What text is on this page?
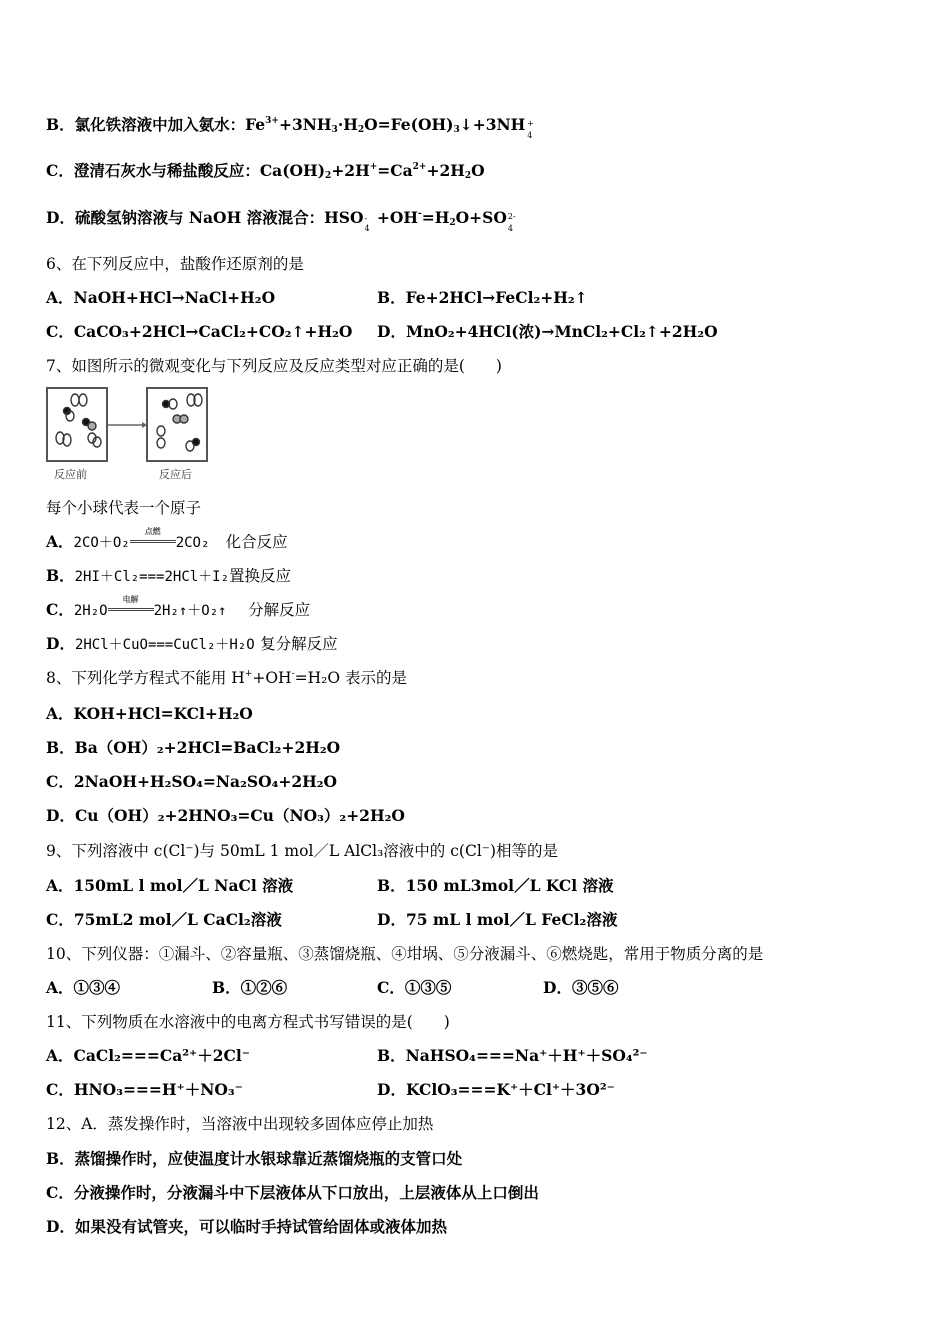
B．氯化铁溶液中加入氨水：$Fe^{3+}+3NH_3\cdot H_2O=Fe(OH)_3↓+3NH$ +
4
C．澄清石灰水与稀盐酸反应：$Ca(OH)_2+2H^+=Ca^{2+}+2H_2O$
D．硫酸氢钠溶液与 NaOH 溶液混合：HSO -
4
$+OH^-=H_2O+SO$ 2-
4
6、在下列反应中，盐酸作还原剂的是
A．NaOH+HCl→NaCl+H₂O	B．Fe+2HCl→FeCl₂+H₂↑
C．CaCO₃+2HCl→CaCl₂+CO₂↑+H₂O D．MnO₂+4HCl(浓)→MnCl₂+Cl₂↑+2H₂O
7、如图所示的微观变化与下列反应及反应类型对应正确的是(　　)
反应前	反应后
每个小球代表一个原子
A．2CO＋O₂
点燃
2CO₂ 化合反应
B．2HI＋Cl₂===2HCl＋I₂置换反应
C．2H₂O
电解
2H₂↑＋O₂↑ 分解反应
D．2HCl＋CuO===CuCl₂＋H₂O 复分解反应
8、下列化学方程式不能用 H++OH-=H₂O 表示的是
A．KOH+HCl=KCl+H₂O
B．Ba（OH）₂+2HCl=BaCl₂+2H₂O
C．2NaOH+H₂SO₄=Na₂SO₄+2H₂O
D．Cu（OH）₂+2HNO₃=Cu（NO₃）₂+2H₂O
9、下列溶液中 c(Cl⁻)与 50mL 1 mol／L AlCl₃溶液中的 c(Cl⁻)相等的是
A．150mL l mol／L NaCl 溶液	B．150 mL3mol／L KCl 溶液
C．75mL2 mol／L CaCl₂溶液	D．75 mL l mol／L FeCl₂溶液
10、下列仪器：①漏斗、②容量瓶、③蒸馏烧瓶、④坩埚、⑤分液漏斗、⑥燃烧匙，常用于物质分离的是
A．①③④	B．①②⑥	C．①③⑤	D．③⑤⑥
11、下列物质在水溶液中的电离方程式书写错误的是(　　)
A．CaCl₂===Ca²⁺＋2Cl⁻	B．NaHSO₄===Na⁺＋H⁺＋SO₄²⁻
C．HNO₃===H⁺＋NO₃⁻	D．KClO₃===K⁺＋Cl⁺＋3O²⁻
12、A．蒸发操作时，当溶液中出现较多固体应停止加热
B．蒸馏操作时，应使温度计水银球靠近蒸馏烧瓶的支管口处
C．分液操作时，分液漏斗中下层液体从下口放出，上层液体从上口倒出
D．如果没有试管夹，可以临时手持试管给固体或液体加热
